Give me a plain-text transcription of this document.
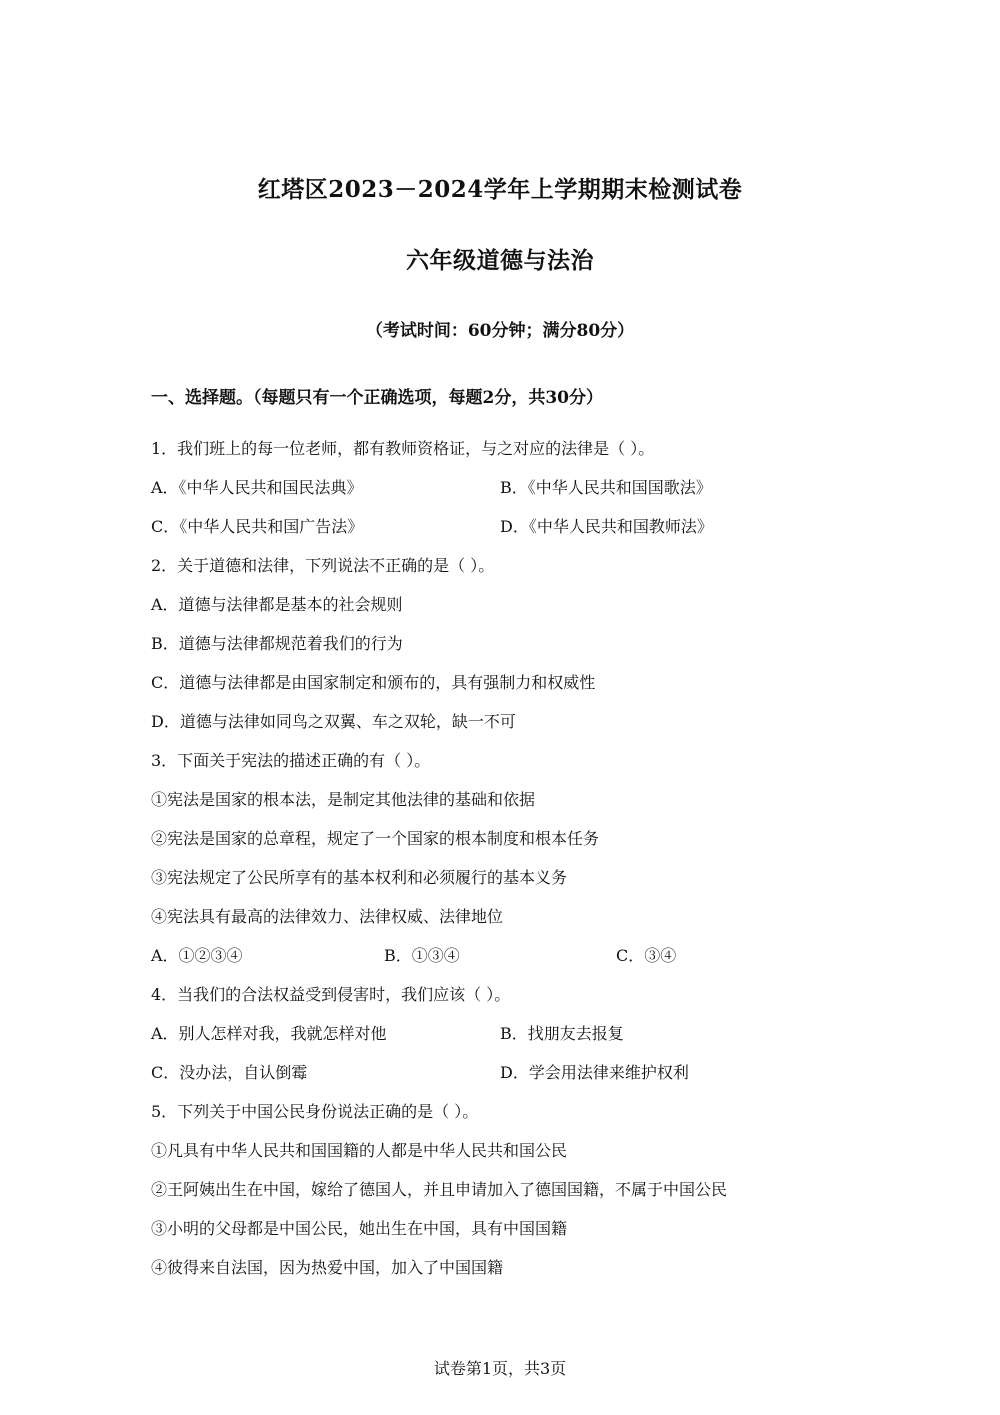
红塔区2023－2024学年上学期期末检测试卷
六年级道德与法治
（考试时间：60分钟；满分80分）
一、选择题。（每题只有一个正确选项，每题2分，共30分）
1．我们班上的每一位老师，都有教师资格证，与之对应的法律是（ ）。
A．《中华人民共和国民法典》	B．《中华人民共和国国歌法》
C．《中华人民共和国广告法》	D．《中华人民共和国教师法》
2．关于道德和法律，下列说法不正确的是（ ）。
A．道德与法律都是基本的社会规则
B．道德与法律都规范着我们的行为
C．道德与法律都是由国家制定和颁布的，具有强制力和权威性
D．道德与法律如同鸟之双翼、车之双轮，缺一不可
3．下面关于宪法的描述正确的有（ ）。
①宪法是国家的根本法，是制定其他法律的基础和依据
②宪法是国家的总章程，规定了一个国家的根本制度和根本任务
③宪法规定了公民所享有的基本权利和必须履行的基本义务
④宪法具有最高的法律效力、法律权威、法律地位
A．①②③④	B．①③④	C．③④
4．当我们的合法权益受到侵害时，我们应该（ ）。
A．别人怎样对我，我就怎样对他	B．找朋友去报复
C．没办法，自认倒霉	D．学会用法律来维护权利
5．下列关于中国公民身份说法正确的是（ ）。
①凡具有中华人民共和国国籍的人都是中华人民共和国公民
②王阿姨出生在中国，嫁给了德国人，并且申请加入了德国国籍，不属于中国公民
③小明的父母都是中国公民，她出生在中国，具有中国国籍
④彼得来自法国，因为热爱中国，加入了中国国籍
试卷第1页，共3页
